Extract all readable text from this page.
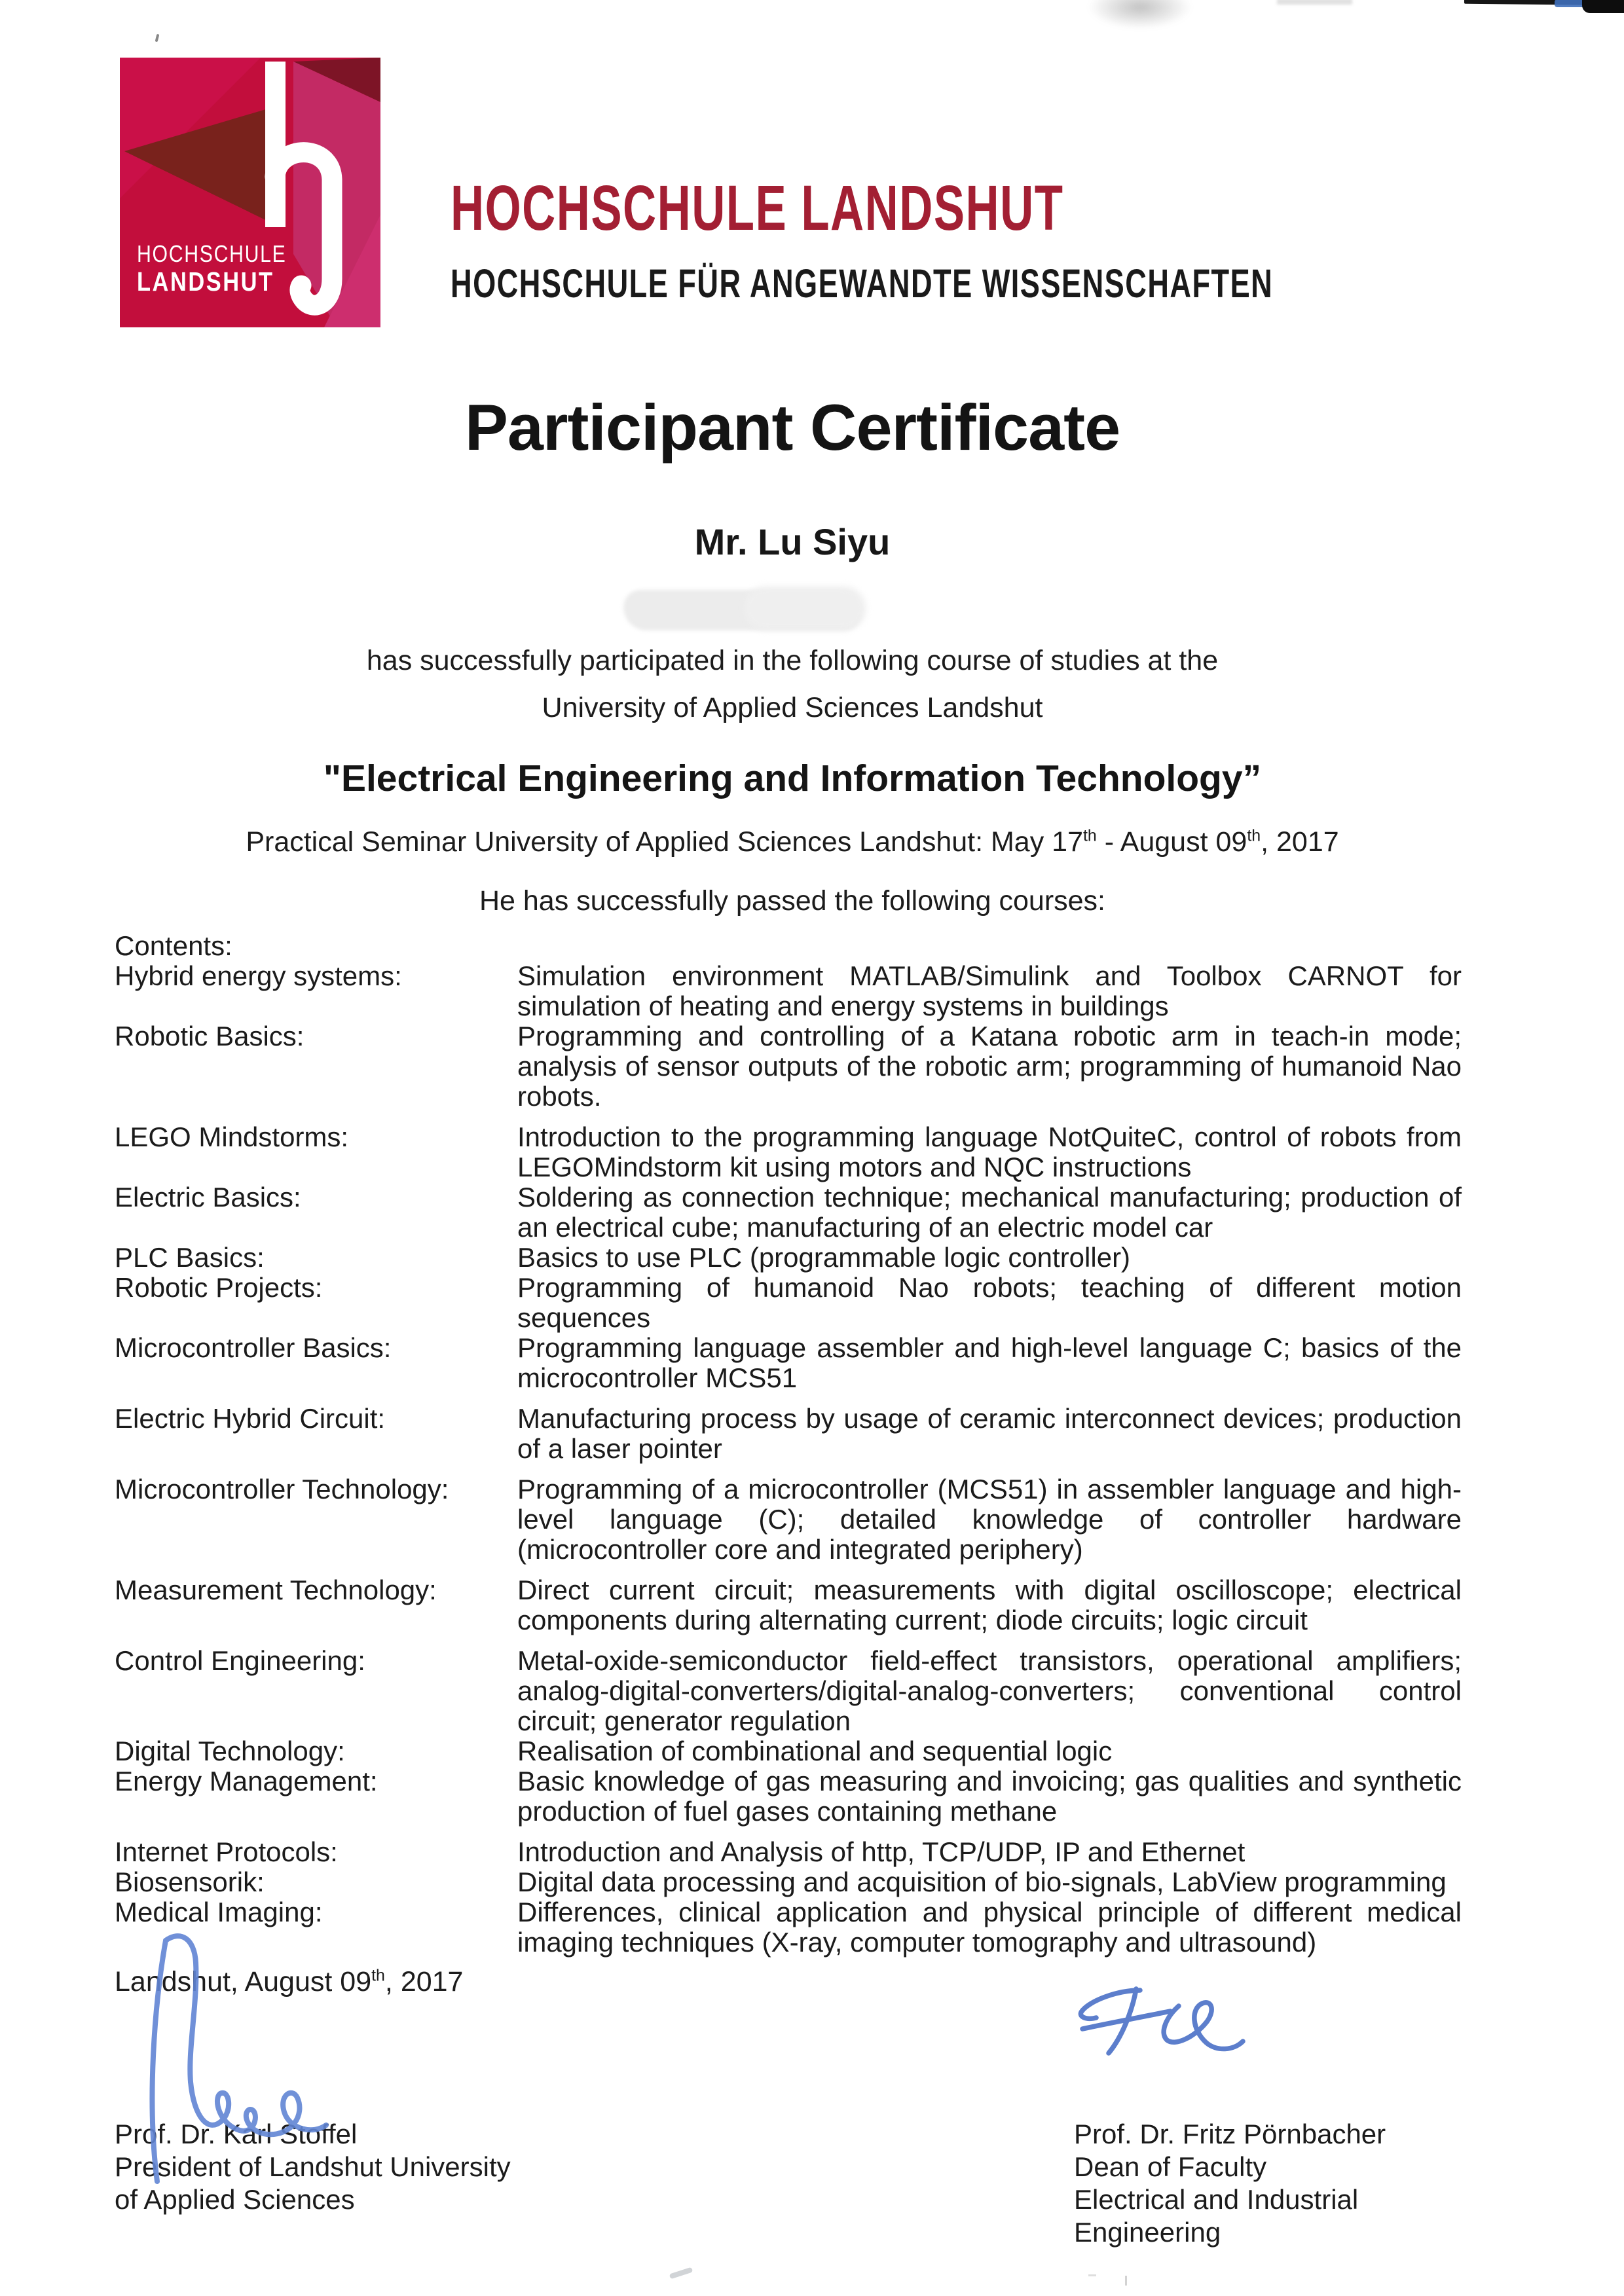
HOCHSCHULE
LANDSHUT
HOCHSCHULE LANDSHUT
HOCHSCHULE FÜR ANGEWANDTE WISSENSCHAFTEN
Participant Certificate
Mr. Lu Siyu
has successfully participated in the following course of studies at the
University of Applied Sciences Landshut
"Electrical Engineering and Information Technology”
Practical Seminar University of Applied Sciences Landshut: May 17th - August 09th, 2017
He has successfully passed the following courses:
Contents:
Hybrid energy systems:	Simulation environment MATLAB/Simulink and Toolbox CARNOT for simulation of heating and energy systems in buildings
Robotic Basics:	Programming and controlling of a Katana robotic arm in teach-in mode; analysis of sensor outputs of the robotic arm; programming of humanoid Nao robots.
LEGO Mindstorms:	Introduction to the programming language NotQuiteC, control of robots from LEGOMindstorm kit using motors and NQC instructions
Electric Basics:	Soldering as connection technique; mechanical manufacturing; production of an electrical cube; manufacturing of an electric model car
PLC Basics:	Basics to use PLC (programmable logic controller)
Robotic Projects:	Programming of humanoid Nao robots; teaching of different motion sequences
Microcontroller Basics:	Programming language assembler and high-level language C; basics of the microcontroller MCS51
Electric Hybrid Circuit:	Manufacturing process by usage of ceramic interconnect devices; production of a laser pointer
Microcontroller Technology:	Programming of a microcontroller (MCS51) in assembler language and high-level language (C); detailed knowledge of controller hardware (microcontroller core and integrated periphery)
Measurement Technology:	Direct current circuit; measurements with digital oscilloscope; electrical components during alternating current; diode circuits; logic circuit
Control Engineering:	Metal-oxide-semiconductor field-effect transistors, operational amplifiers; analog-digital-converters/digital-analog-converters; conventional control circuit; generator regulation
Digital Technology:	Realisation of combinational and sequential logic
Energy Management:	Basic knowledge of gas measuring and invoicing; gas qualities and synthetic production of fuel gases containing methane
Internet Protocols:	Introduction and Analysis of http, TCP/UDP, IP and Ethernet
Biosensorik:	Digital data processing and acquisition of bio-signals, LabView programming
Medical Imaging:	Differences, clinical application and physical principle of different medical imaging techniques (X-ray, computer tomography and ultrasound)
Landshut, August 09th, 2017
Prof. Dr. Karl Stoffel
President of Landshut University
of Applied Sciences
Prof. Dr. Fritz Pörnbacher
Dean of Faculty
Electrical and Industrial
Engineering
